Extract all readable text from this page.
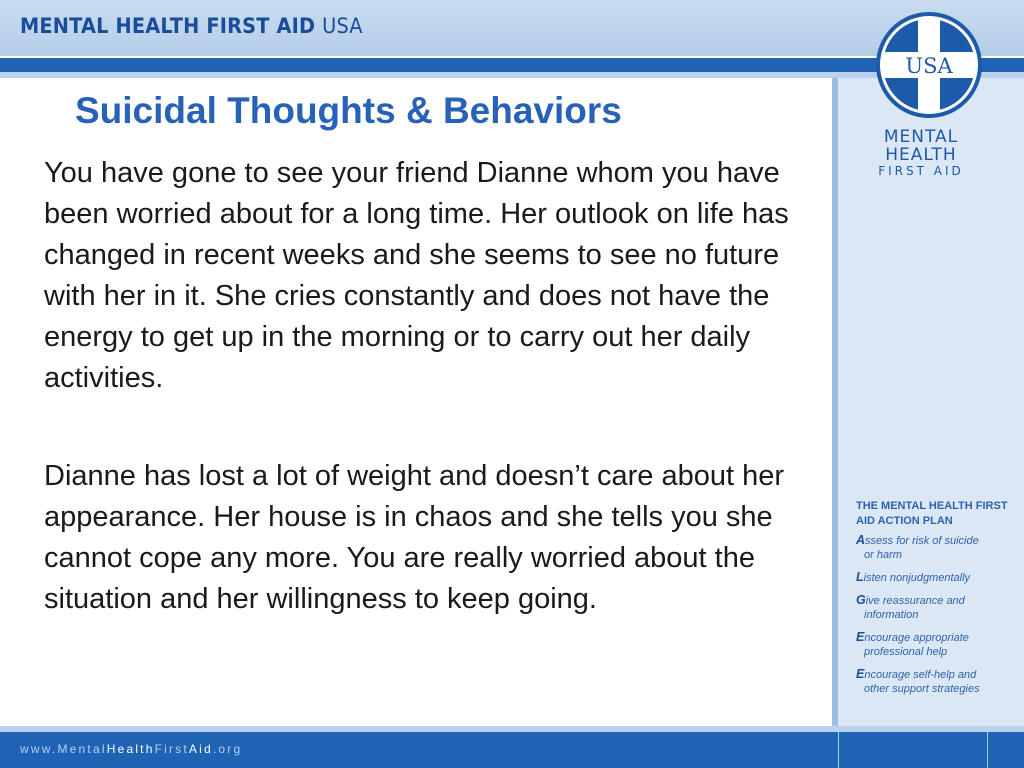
MENTAL HEALTH FIRST AID USA
USA
MENTAL
HEALTH
FIRST AID
Suicidal Thoughts & Behaviors

You have gone to see your friend Dianne whom you have been worried about for a long time. Her outlook on life has changed in recent weeks and she seems to see no future with her in it. She cries constantly and does not have the energy to get up in the morning or to carry out her daily activities.

Dianne has lost a lot of weight and doesn’t care about her appearance. Her house is in chaos and she tells you she cannot cope any more. You are really worried about the situation and her willingness to keep going.

THE MENTAL HEALTH FIRST AID ACTION PLAN
Assess for risk of suicide
or harm
Listen nonjudgmentally
Give reassurance and
information
Encourage appropriate
professional help
Encourage self-help and
other support strategies
www.MentalHealthFirstAid.org
